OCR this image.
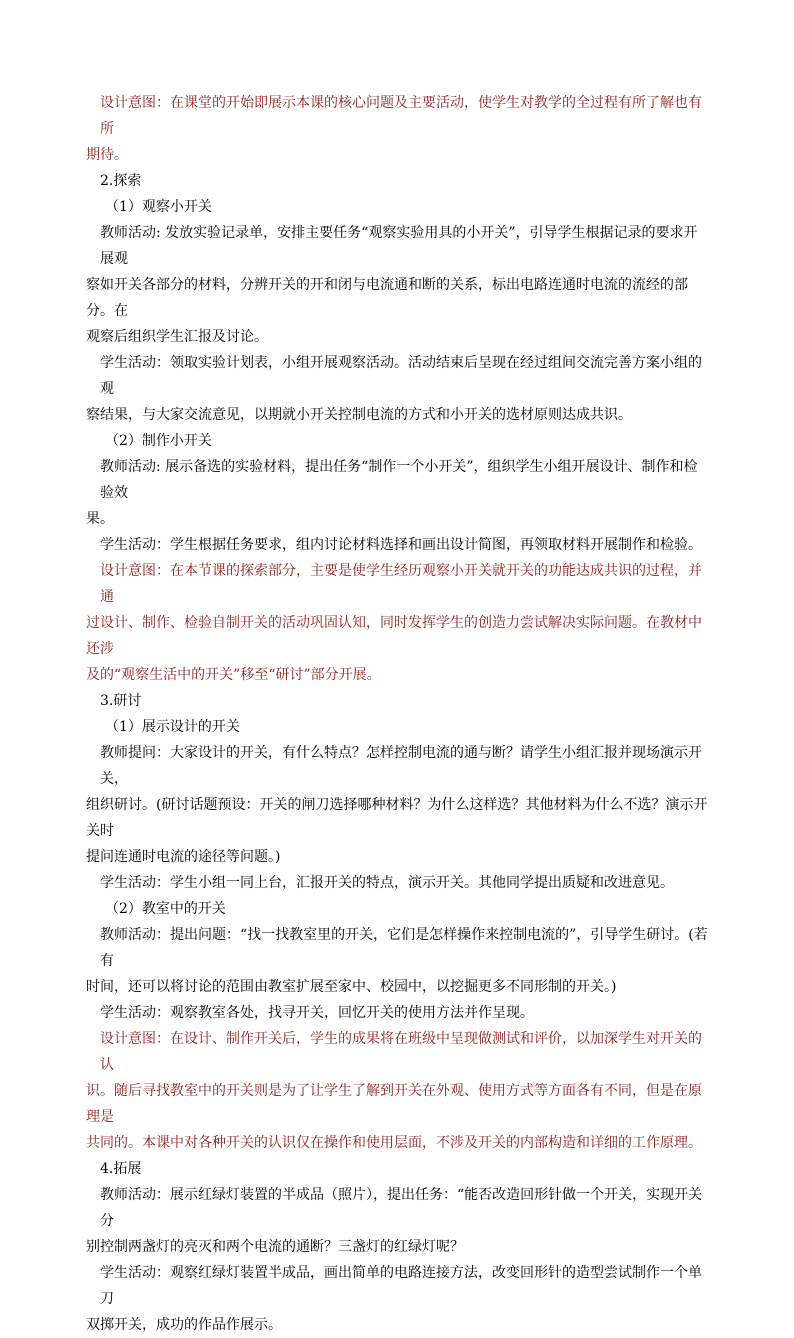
设计意图：在课堂的开始即展示本课的核心问题及主要活动，使学生对教学的全过程有所了解也有所

期待。

2.探索

（1）观察小开关

教师活动: 发放实验记录单，安排主要任务“观察实验用具的小开关”，引导学生根据记录的要求开展观

察如开关各部分的材料，分辨开关的开和闭与电流通和断的关系，标出电路连通时电流的流经的部分。在

观察后组织学生汇报及讨论。

学生活动：领取实验计划表，小组开展观察活动。活动结束后呈现在经过组间交流完善方案小组的观

察结果，与大家交流意见，以期就小开关控制电流的方式和小开关的选材原则达成共识。

（2）制作小开关

教师活动: 展示备选的实验材料，提出任务“制作一个小开关”，组织学生小组开展设计、制作和检验效

果。

学生活动：学生根据任务要求，组内讨论材料选择和画出设计简图，再领取材料开展制作和检验。

设计意图：在本节课的探索部分，主要是使学生经历观察小开关就开关的功能达成共识的过程，并通

过设计、制作、检验自制开关的活动巩固认知，同时发挥学生的创造力尝试解决实际问题。在教材中还涉

及的“观察生活中的开关”移至“研讨”部分开展。

3.研讨

（1）展示设计的开关

教师提问：大家设计的开关，有什么特点？怎样控制电流的通与断？请学生小组汇报并现场演示开关，

组织研讨。(研讨话题预设：开关的闸刀选择哪种材料？为什么这样选？其他材料为什么不选？演示开关时

提问连通时电流的途径等问题。)

学生活动：学生小组一同上台，汇报开关的特点，演示开关。其他同学提出质疑和改进意见。

（2）教室中的开关

教师活动：提出问题：“找一找教室里的开关，它们是怎样操作来控制电流的”，引导学生研讨。(若有

时间，还可以将讨论的范围由教室扩展至家中、校园中，以挖掘更多不同形制的开关。)

学生活动：观察教室各处，找寻开关，回忆开关的使用方法并作呈现。

设计意图：在设计、制作开关后，学生的成果将在班级中呈现做测试和评价，以加深学生对开关的认

识。随后寻找教室中的开关则是为了让学生了解到开关在外观、使用方式等方面各有不同，但是在原理是

共同的。本课中对各种开关的认识仅在操作和使用层面，不涉及开关的内部构造和详细的工作原理。

4.拓展

教师活动：展示红绿灯装置的半成品（照片），提出任务：“能否改造回形针做一个开关，实现开关分

别控制两盏灯的亮灭和两个电流的通断？三盏灯的红绿灯呢？

学生活动：观察红绿灯装置半成品，画出简单的电路连接方法，改变回形针的造型尝试制作一个单刀

双掷开关，成功的作品作展示。
